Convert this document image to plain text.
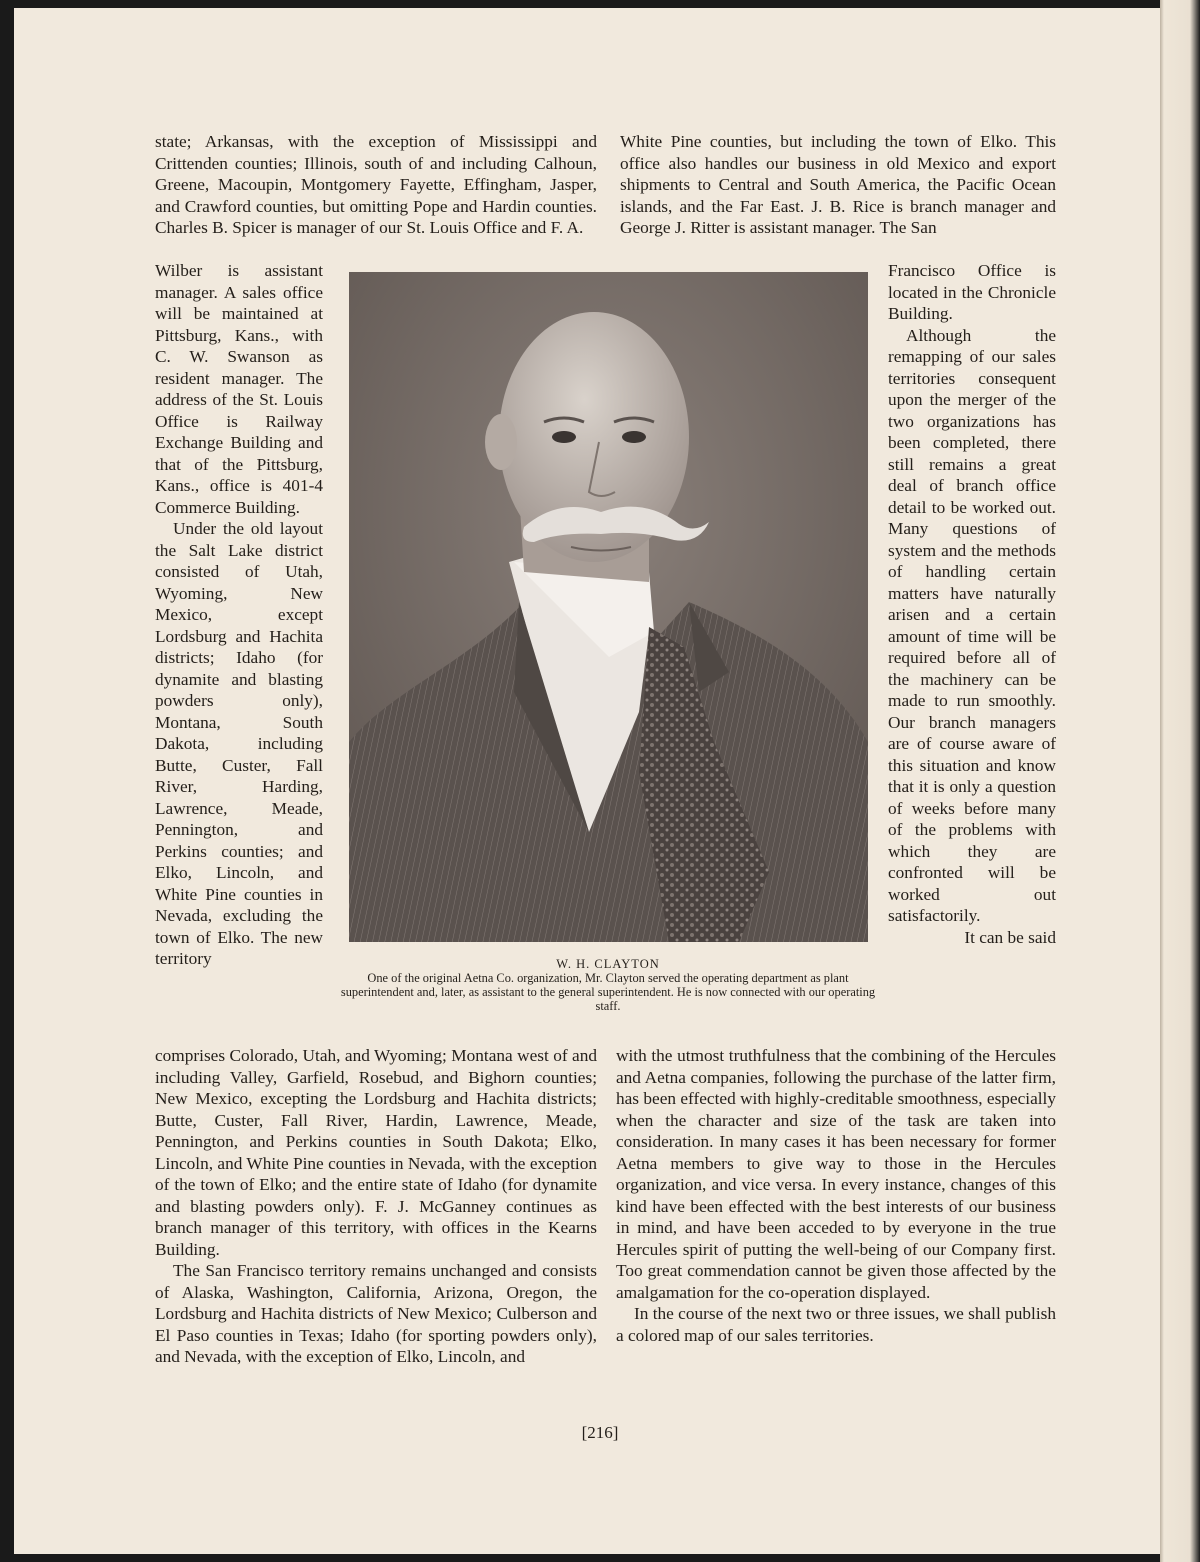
state; Arkansas, with the exception of Mississippi and Crittenden counties; Illinois, south of and including Calhoun, Greene, Macoupin, Montgomery Fayette, Effingham, Jasper, and Crawford counties, but omitting Pope and Hardin counties. Charles B. Spicer is manager of our St. Louis Office and F. A.

Wilber is assistant manager. A sales office will be maintained at Pittsburg, Kans., with C. W. Swanson as resident manager. The address of the St. Louis Office is Railway Exchange Building and that of the Pittsburg, Kans., office is 401-4 Commerce Building.

Under the old layout the Salt Lake district consisted of Utah, Wyoming, New Mexico, except Lordsburg and Hachita districts; Idaho (for dynamite and blasting powders only), Montana, South Dakota, including Butte, Custer, Fall River, Harding, Lawrence, Meade, Pennington, and Perkins counties; and Elko, Lincoln, and White Pine counties in Nevada, excluding the town of Elko. The new territory

comprises Colorado, Utah, and Wyoming; Montana west of and including Valley, Garfield, Rosebud, and Bighorn counties; New Mexico, excepting the Lordsburg and Hachita districts; Butte, Custer, Fall River, Hardin, Lawrence, Meade, Pennington, and Perkins counties in South Dakota; Elko, Lincoln, and White Pine counties in Nevada, with the exception of the town of Elko; and the entire state of Idaho (for dynamite and blasting powders only). F. J. McGanney continues as branch manager of this territory, with offices in the Kearns Building.

The San Francisco territory remains unchanged and consists of Alaska, Washington, California, Arizona, Oregon, the Lordsburg and Hachita districts of New Mexico; Culberson and El Paso counties in Texas; Idaho (for sporting powders only), and Nevada, with the exception of Elko, Lincoln, and

White Pine counties, but including the town of Elko. This office also handles our business in old Mexico and export shipments to Central and South America, the Pacific Ocean islands, and the Far East. J. B. Rice is branch manager and George J. Ritter is assistant manager. The San

Francisco Office is located in the Chronicle Building.

Although the remapping of our sales territories consequent upon the merger of the two organizations has been completed, there still remains a great deal of branch office detail to be worked out. Many questions of system and the methods of handling certain matters have naturally arisen and a certain amount of time will be required before all of the machinery can be made to run smoothly. Our branch managers are of course aware of this situation and know that it is only a question of weeks before many of the problems with which they are confronted will be worked out satisfactorily.

It can be said

with the utmost truthfulness that the combining of the Hercules and Aetna companies, following the purchase of the latter firm, has been effected with highly-creditable smoothness, especially when the character and size of the task are taken into consideration. In many cases it has been necessary for former Aetna members to give way to those in the Hercules organization, and vice versa. In every instance, changes of this kind have been effected with the best interests of our business in mind, and have been acceded to by everyone in the true Hercules spirit of putting the well-being of our Company first. Too great commendation cannot be given those affected by the amalgamation for the co-operation displayed.

In the course of the next two or three issues, we shall publish a colored map of our sales territories.

W. H. CLAYTON
One of the original Aetna Co. organization, Mr. Clayton served the operating department as plant superintendent and, later, as assistant to the general superintendent. He is now connected with our operating staff.
[216]
